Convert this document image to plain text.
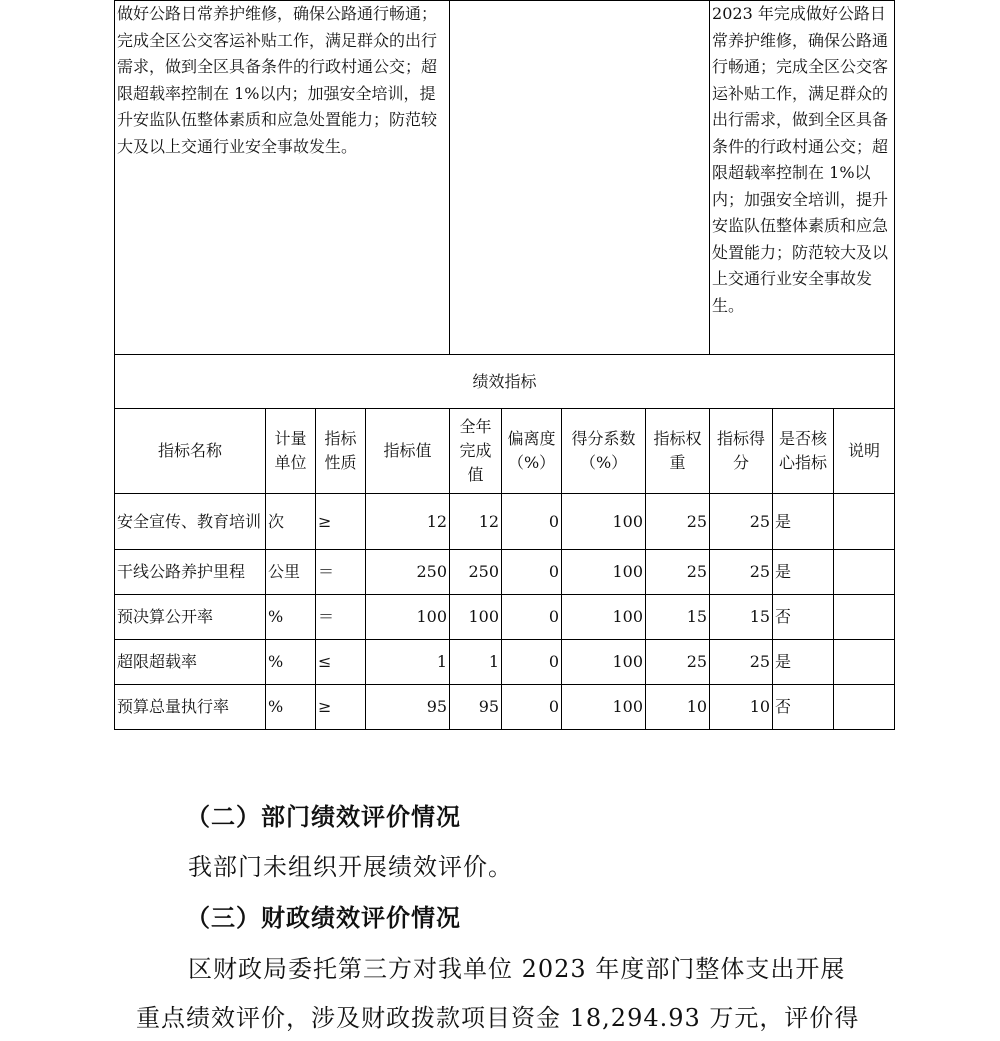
做好公路日常养护维修，确保公路通行畅通；完成全区公交客运补贴工作，满足群众的出行需求，做到全区具备条件的行政村通公交；超限超载率控制在 1%以内；加强安全培训，提升安监队伍整体素质和应急处置能力；防范较大及以上交通行业安全事故发生。								2023 年完成做好公路日常养护维修，确保公路通行畅通；完成全区公交客运补贴工作，满足群众的出行需求，做到全区具备条件的行政村通公交；超限超载率控制在 1%以内；加强安全培训，提升安监队伍整体素质和应急处置能力；防范较大及以上交通行业安全事故发生。		
绩效指标										
指标名称	计量单位	指标性质	指标值	全年完成值	偏离度（%）	得分系数（%）	指标权重	指标得分	是否核心指标	说明
安全宣传、教育培训	次	≥	12	12	0	100	25	25	是	
干线公路养护里程	公里	＝	250	250	0	100	25	25	是	
预决算公开率	%	＝	100	100	0	100	15	15	否	
超限超载率	%	≤	1	1	0	100	25	25	是	
预算总量执行率	%	≥	95	95	0	100	10	10	否	
（二）部门绩效评价情况
我部门未组织开展绩效评价。
（三）财政绩效评价情况
区财政局委托第三方对我单位 2023 年度部门整体支出开展
重点绩效评价，涉及财政拨款项目资金 18,294.93 万元，评价得
